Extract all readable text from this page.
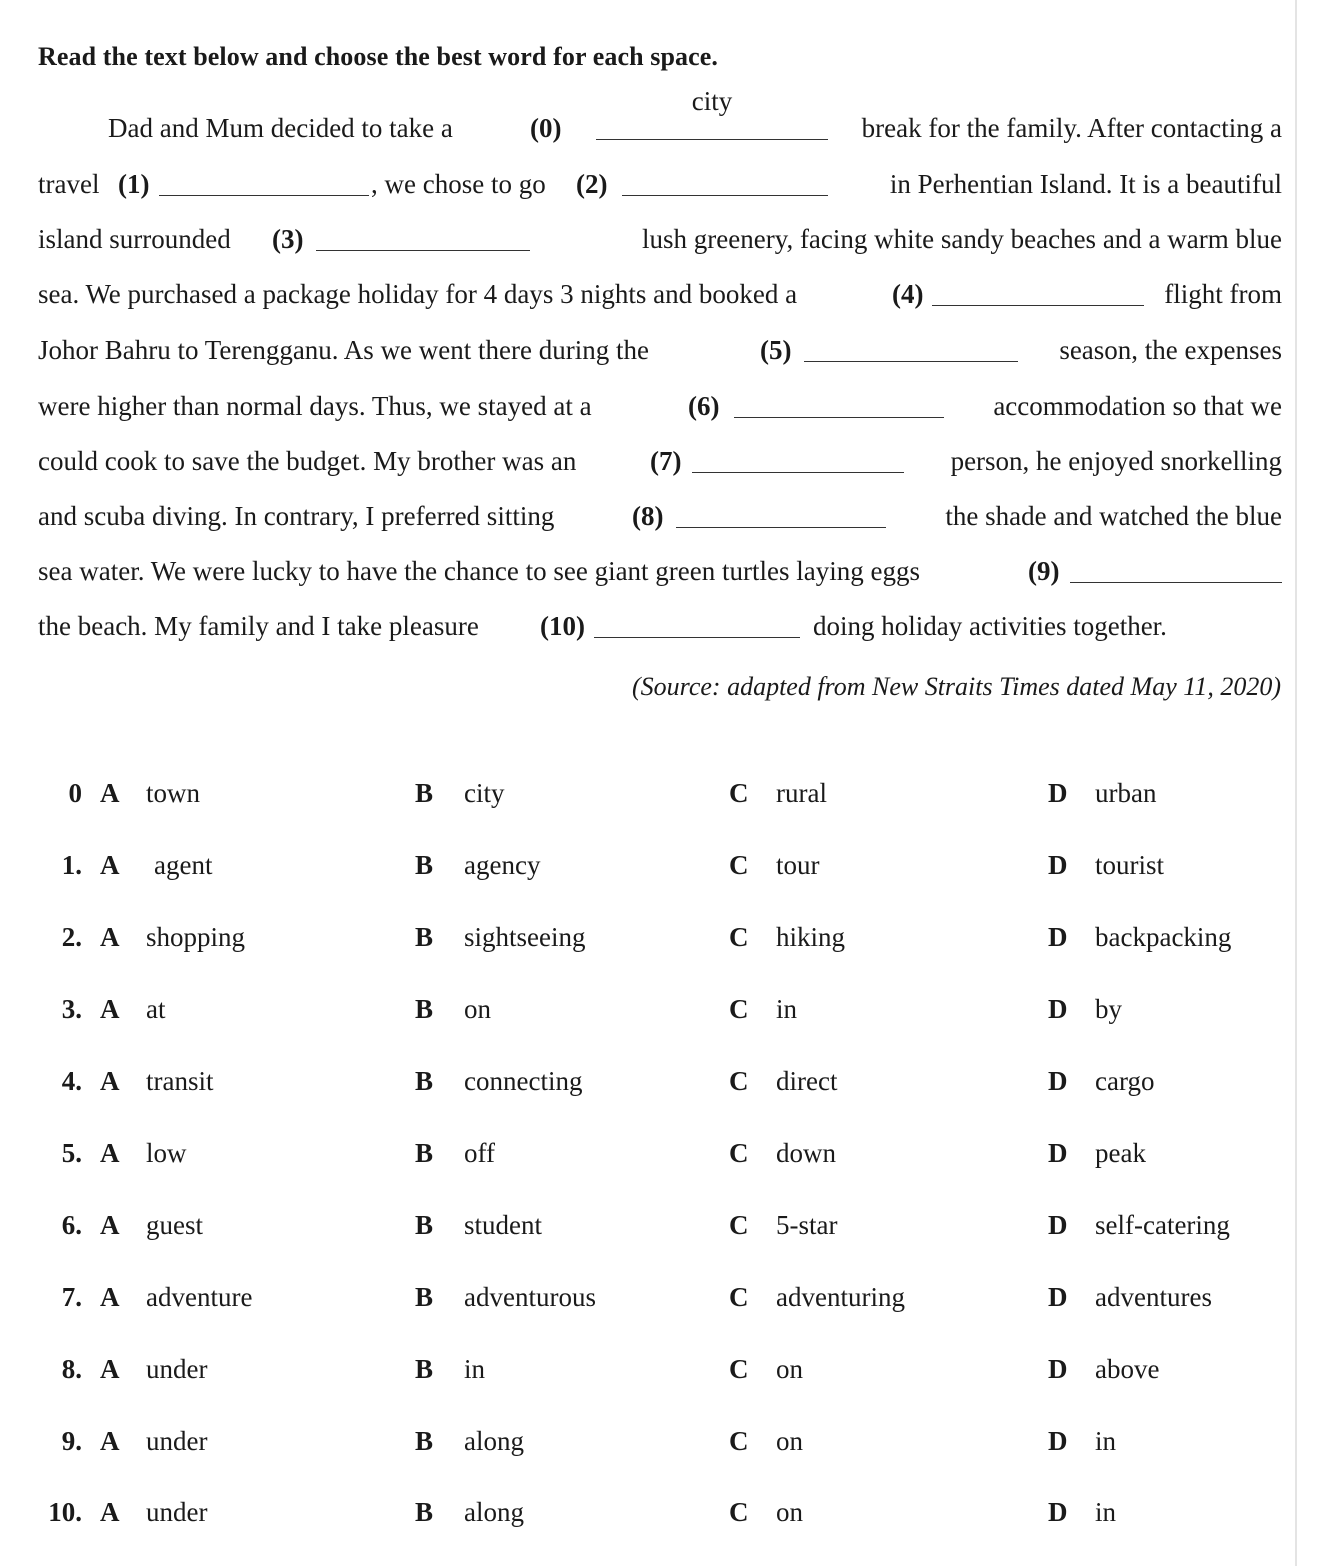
Read the text below and choose the best word for each space.
Dad and Mum decided to take a	(0)
city
break for the family. After contacting a
travel (1)	, we chose to go (2)	in Perhentian Island. It is a beautiful
island surrounded (3)	lush greenery, facing white sandy beaches and a warm blue
sea. We purchased a package holiday for 4 days 3 nights and booked a	(4)	flight from
Johor Bahru to Terengganu. As we went there during the	(5)	season, the expenses
were higher than normal days. Thus, we stayed at a	(6)	accommodation so that we
could cook to save the budget. My brother was an	(7)	person, he enjoyed snorkelling
and scuba diving. In contrary, I preferred sitting	(8)	the shade and watched the blue
sea water. We were lucky to have the chance to see giant green turtles laying eggs	(9)
the beach. My family and I take pleasure (10)	doing holiday activities together.
(Source: adapted from New Straits Times dated May 11, 2020)
0 A town	B city	C rural	D urban
1. A agent	B agency	C tour	D tourist
2. A shopping	B sightseeing	C hiking	D backpacking
3. A at	B on	C in	D by
4. A transit	B connecting	C direct	D cargo
5. A low	B off	C down	D peak
6. A guest	B student	C 5-star	D self-catering
7. A adventure	B adventurous	C adventuring	D adventures
8. A under	B in	C on	D above
9. A under	B along	C on	D in
10. A under	B along	C on	D in
